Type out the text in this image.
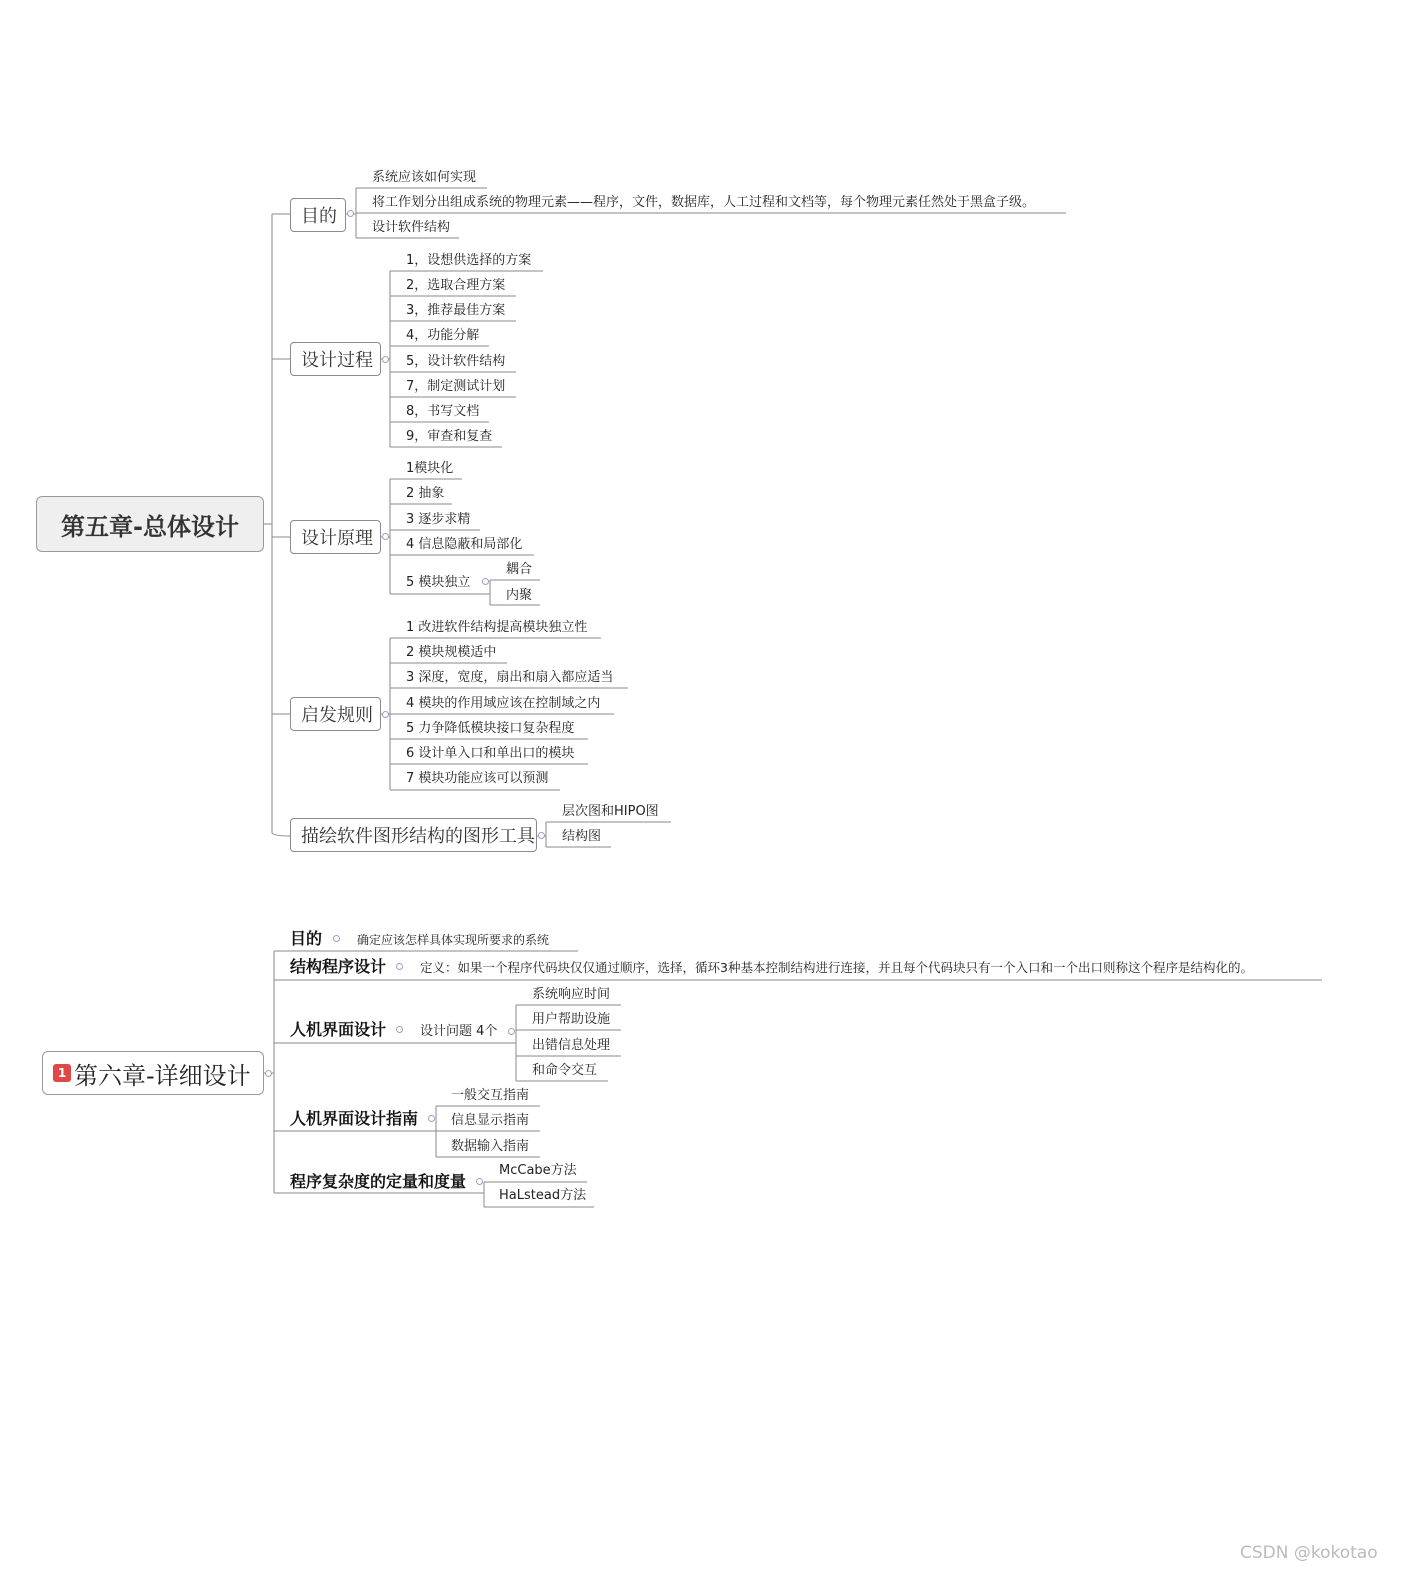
第五章-总体设计
目的
系统应该如何实现
将工作划分出组成系统的物理元素——程序，文件，数据库，人工过程和文档等，每个物理元素任然处于黑盒子级。
设计软件结构
设计过程
1，设想供选择的方案
2，选取合理方案
3，推荐最佳方案
4，功能分解
5，设计软件结构
7，制定测试计划
8，书写文档
9，审查和复查
设计原理
1模块化
2 抽象
3 逐步求精
4 信息隐蔽和局部化
5 模块独立
耦合
内聚
启发规则
1 改进软件结构提高模块独立性
2 模块规模适中
3 深度，宽度，扇出和扇入都应适当
4 模块的作用域应该在控制域之内
5 力争降低模块接口复杂程度
6 设计单入口和单出口的模块
7 模块功能应该可以预测
描绘软件图形结构的图形工具
层次图和HIPO图
结构图
1 第六章-详细设计
目的	确定应该怎样具体实现所要求的系统
结构程序设计	定义：如果一个程序代码块仅仅通过顺序，选择，循环3种基本控制结构进行连接，并且每个代码块只有一个入口和一个出口则称这个程序是结构化的。
人机界面设计	设计问题 4个
系统响应时间
用户帮助设施
出错信息处理
和命令交互
人机界面设计指南
一般交互指南
信息显示指南
数据输入指南
程序复杂度的定量和度量
McCabe方法
HaLstead方法
CSDN @kokotao
